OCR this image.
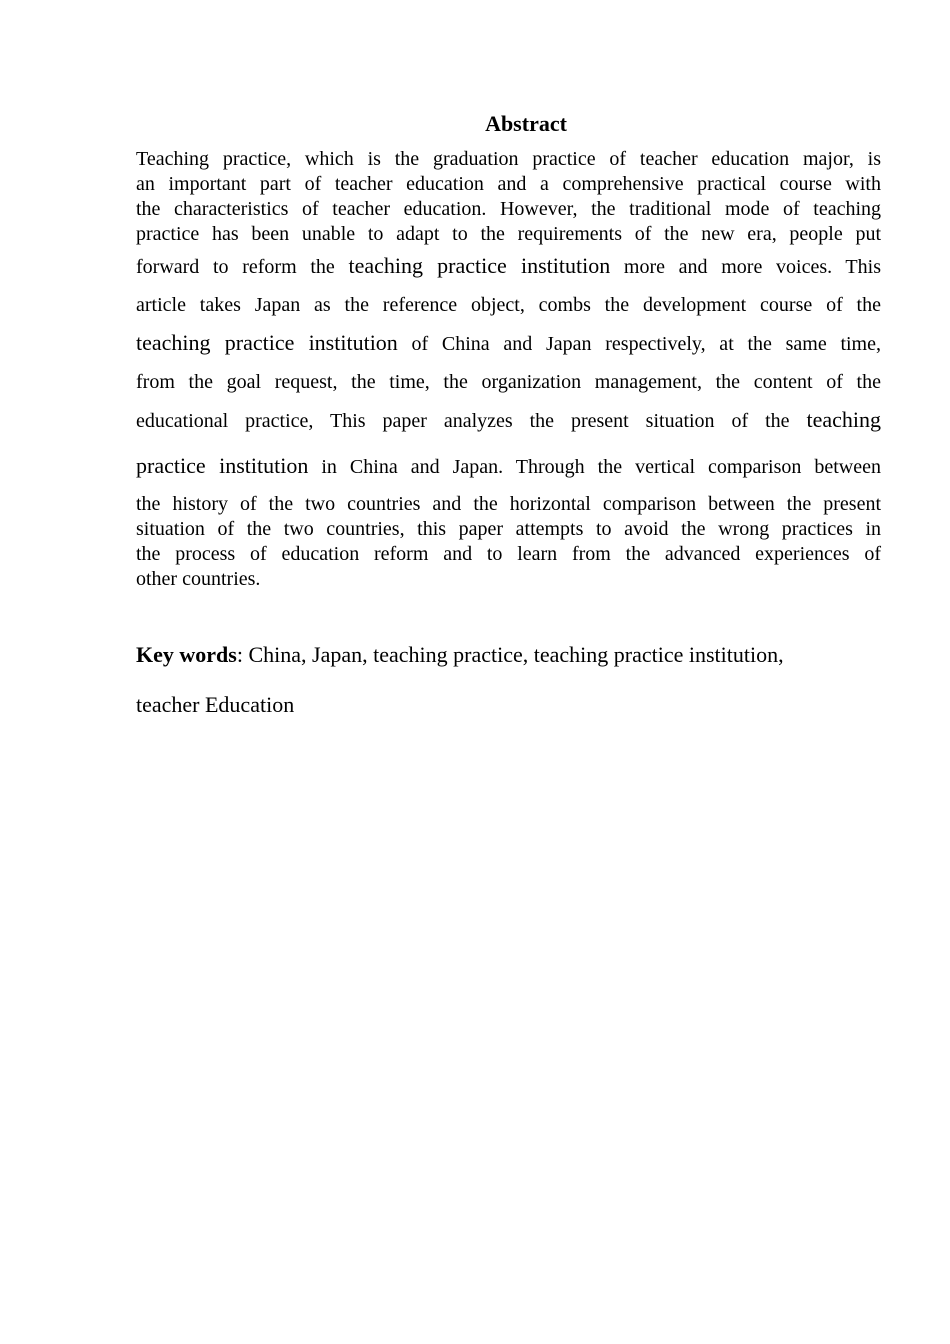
Abstract
Teaching practice, which is the graduation practice of teacher education major, is
an important part of teacher education and a comprehensive practical course with
the characteristics of teacher education. However, the traditional mode of teaching
practice has been unable to adapt to the requirements of the new era, people put
forward to reform the teaching practice institution more and more voices. This
article takes Japan as the reference object, combs the development course of the
teaching practice institution of China and Japan respectively, at the same time,
from the goal request, the time, the organization management, the content of the
educational practice, This paper analyzes the present situation of the teaching
practice institution in China and Japan. Through the vertical comparison between
the history of the two countries and the horizontal comparison between the present
situation of the two countries, this paper attempts to avoid the wrong practices in
the process of education reform and to learn from the advanced experiences of
other countries.
Key words: China, Japan, teaching practice, teaching practice institution,
teacher Education
